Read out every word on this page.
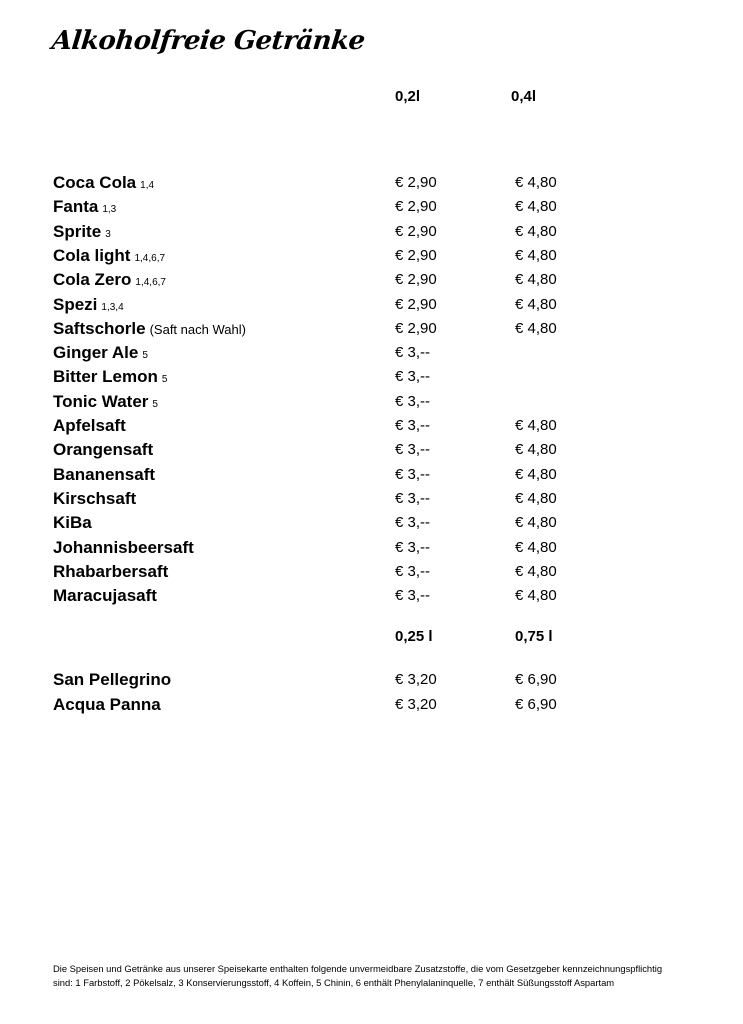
Alkoholfreie Getränke
0,2l	0,4l
Coca Cola 1,4	€ 2,90	€ 4,80
Fanta 1,3	€ 2,90	€ 4,80
Sprite 3	€ 2,90	€ 4,80
Cola light 1,4,6,7	€ 2,90	€ 4,80
Cola Zero 1,4,6,7	€ 2,90	€ 4,80
Spezi 1,3,4	€ 2,90	€ 4,80
Saftschorle (Saft nach Wahl)	€ 2,90	€ 4,80
Ginger Ale 5	€ 3,--
Bitter Lemon 5	€ 3,--
Tonic Water 5	€ 3,--
Apfelsaft	€ 3,--	€ 4,80
Orangensaft	€ 3,--	€ 4,80
Bananensaft	€ 3,--	€ 4,80
Kirschsaft	€ 3,--	€ 4,80
KiBa	€ 3,--	€ 4,80
Johannisbeersaft	€ 3,--	€ 4,80
Rhabarbersaft	€ 3,--	€ 4,80
Maracujasaft	€ 3,--	€ 4,80
0,25 l	0,75 l
San Pellegrino	€ 3,20	€ 6,90
Acqua Panna	€ 3,20	€ 6,90
Die Speisen und Getränke aus unserer Speisekarte enthalten folgende unvermeidbare Zusatzstoffe, die vom Gesetzgeber kennzeichnungspflichtig
sind: 1 Farbstoff, 2 Pökelsalz, 3 Konservierungsstoff, 4 Koffein, 5 Chinin, 6 enthält Phenylalaninquelle, 7 enthält Süßungsstoff Aspartam
